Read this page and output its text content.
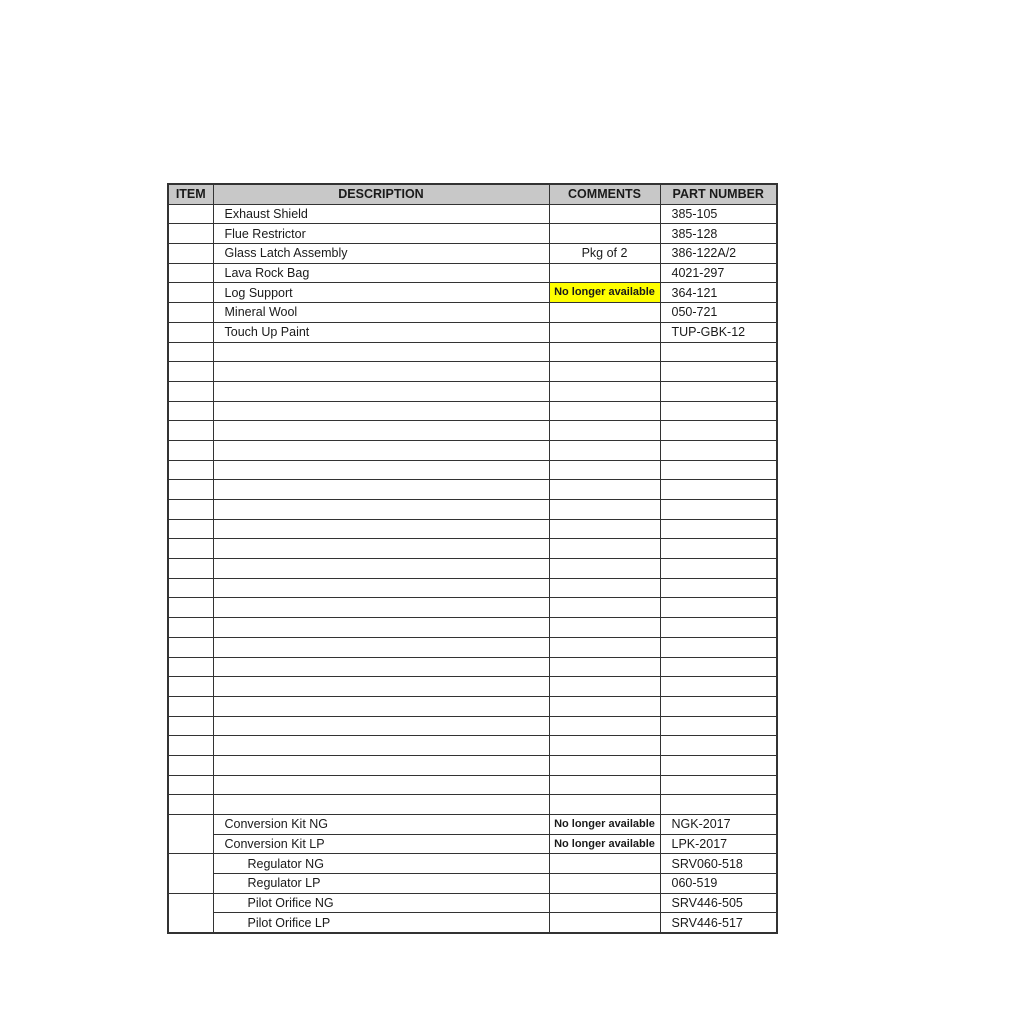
ITEM	DESCRIPTION	COMMENTS	PART NUMBER
	Exhaust Shield		385-105
	Flue Restrictor		385-128
	Glass Latch Assembly	Pkg of 2	386-122A/2
	Lava Rock Bag		4021-297
	Log Support	No longer available	364-121
	Mineral Wool		050-721
	Touch Up Paint		TUP-GBK-12

	Conversion Kit NG	No longer available	NGK-2017
	Conversion Kit LP	No longer available	LPK-2017
	Regulator NG		SRV060-518
	Regulator LP		060-519
	Pilot Orifice NG		SRV446-505
	Pilot Orifice LP		SRV446-517
